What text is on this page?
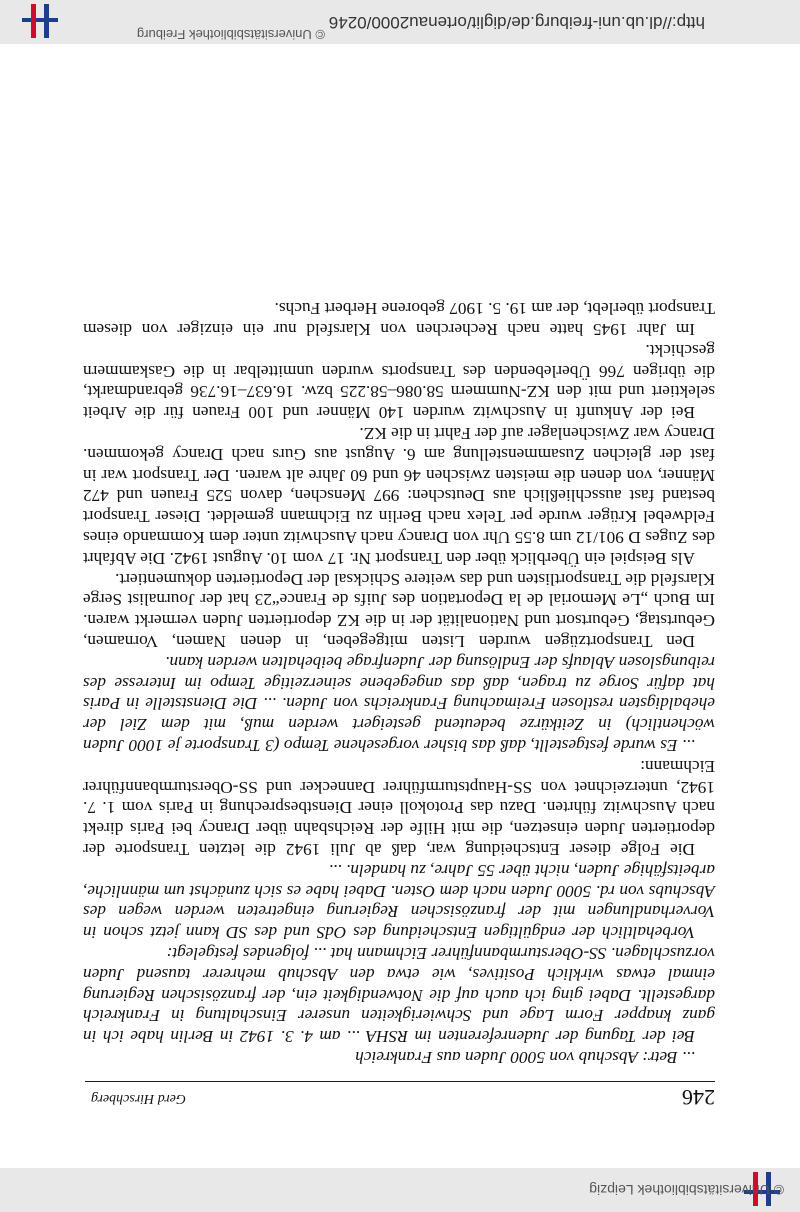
© Universitätsbibliothek Leipzig
http://dl.ub.uni-freiburg.de/diglit/ortenau2000/0246
© Universitätsbibliothek Freiburg
246
Gerd Hirschberg

... Betr: Abschub von 5000 Juden aus Frankreich

Bei der Tagung der Judenreferenten im RSHA ... am 4. 3. 1942 in Berlin habe ich in ganz knapper Form Lage und Schwierigkeiten unserer Einschaltung in Frankreich dargestellt. Dabei ging ich auch auf die Notwendigkeit ein, der französischen Regierung einmal etwas wirklich Positives, wie etwa den Abschub mehrerer tausend Juden vorzuschlagen. SS-Obersturmbannführer Eichmann hat ... folgendes festgelegt:

Vorbehaltlich der endgültigen Entscheidung des OdS und des SD kann jetzt schon in Vorverhandlungen mit der französischen Regierung eingetreten werden wegen des Abschubs von rd. 5000 Juden nach dem Osten. Dabei habe es sich zunächst um männliche, arbeitsfähige Juden, nicht über 55 Jahre, zu handeln. ...

Die Folge dieser Entscheidung war, daß ab Juli 1942 die letzten Transporte der deportierten Juden einsetzen, die mit Hilfe der Reichsbahn über Drancy bei Paris direkt nach Auschwitz führten. Dazu das Protokoll einer Dienstbesprechung in Paris vom 1. 7. 1942, unterzeichnet von SS-Hauptsturmführer Dannecker und SS-Obersturmbannführer Eichmann:

... Es wurde festgestellt, daß das bisher vorgesehene Tempo (3 Transporte je 1000 Juden wöchentlich) in Zeitkürze bedeutend gesteigert werden muß, mit dem Ziel der ehebaldigsten restlosen Freimachung Frankreichs von Juden. ... Die Dienststelle in Paris hat dafür Sorge zu tragen, daß das angegebene seinerzeitige Tempo im Interesse des reibungslosen Ablaufs der Endlösung der Judenfrage beibehalten werden kann.

Den Transportzügen wurden Listen mitgegeben, in denen Namen, Vornamen, Geburtstag, Geburtsort und Nationalität der in die KZ deportierten Juden vermerkt waren. Im Buch „Le Memorial de la Deportation des Juifs de France“23 hat der Journalist Serge Klarsfeld die Transportlisten und das weitere Schicksal der Deportierten dokumentiert.

Als Beispiel ein Überblick über den Transport Nr. 17 vom 10. August 1942. Die Abfahrt des Zuges D 901/12 um 8.55 Uhr von Drancy nach Auschwitz unter dem Kommando eines Feldwebel Krüger wurde per Telex nach Berlin zu Eichmann gemeldet. Dieser Transport bestand fast ausschließlich aus Deutschen: 997 Menschen, davon 525 Frauen und 472 Männer, von denen die meisten zwischen 46 und 60 Jahre alt waren. Der Transport war in fast der gleichen Zusammenstellung am 6. August aus Gurs nach Drancy gekommen. Drancy war Zwischenlager auf der Fahrt in die KZ.

Bei der Ankunft in Auschwitz wurden 140 Männer und 100 Frauen für die Arbeit selektiert und mit den KZ-Nummern 58.086–58.225 bzw. 16.637–16.736 gebrandmarkt, die übrigen 766 Überlebenden des Transports wurden unmittelbar in die Gaskammern geschickt.

Im Jahr 1945 hatte nach Recherchen von Klarsfeld nur ein einziger von diesem Transport überlebt, der am 19. 5. 1907 geborene Herbert Fuchs.
